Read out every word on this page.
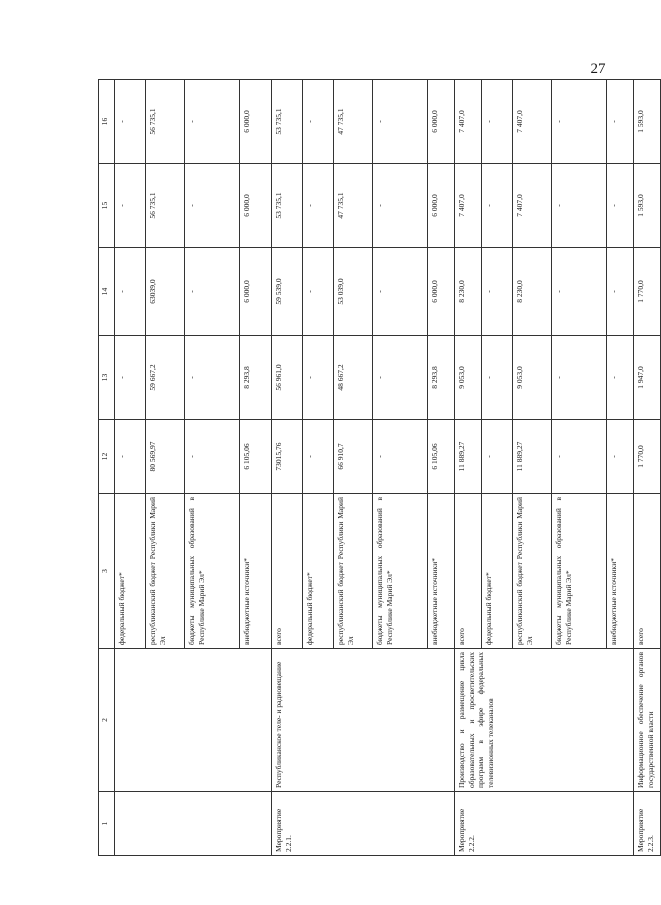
27
1	2	3	12	13	14	15	16
		федеральный бюджет*	-	-	-	-	-
		республиканский бюджет Республики Марий Эл	80 569,97	59 667,2	63039,0	56 735,1	56 735,1
		бюджеты муниципальных образований в Республике Марий Эл*	-	-	-	-	-
		внебюджетные источники*	6 105,06	8 293,8	6 000,0	6 000,0	6 000,0
Мероприятие 2.2.1.	Республиканское теле- и радиовещание	всего	73015,76	56 961,0	59 539,0	53 735,1	53 735,1
		федеральный бюджет*	-	-	-	-	-
		республиканский бюджет Республики Марий Эл	66 910,7	48 667,2	53 039,0	47 735,1	47 735,1
		бюджеты муниципальных образований в Республике Марий Эл*	-	-	-	-	-
		внебюджетные источники*	6 105,06	8 293,8	6 000,0	6 000,0	6 000,0
Мероприятие 2.2.2.	Производство и размещение цикла образовательных и просветительских программ в эфире федеральных телевизионных телеканалов	всего	11 889,27	9 053,0	8 230,0	7 407,0	7 407,0
		федеральный бюджет*	-	-	-	-	-
		республиканский бюджет Республики Марий Эл	11 889,27	9 053,0	8 230,0	7 407,0	7 407,0
		бюджеты муниципальных образований в Республике Марий Эл*	-	-	-	-	-
		внебюджетные источники*	-	-	-	-	-
Мероприятие 2.2.3.	Информационное обеспечение органов государственной власти	всего	1 770,0	1 947,0	1 770,0	1 593,0	1 593,0
